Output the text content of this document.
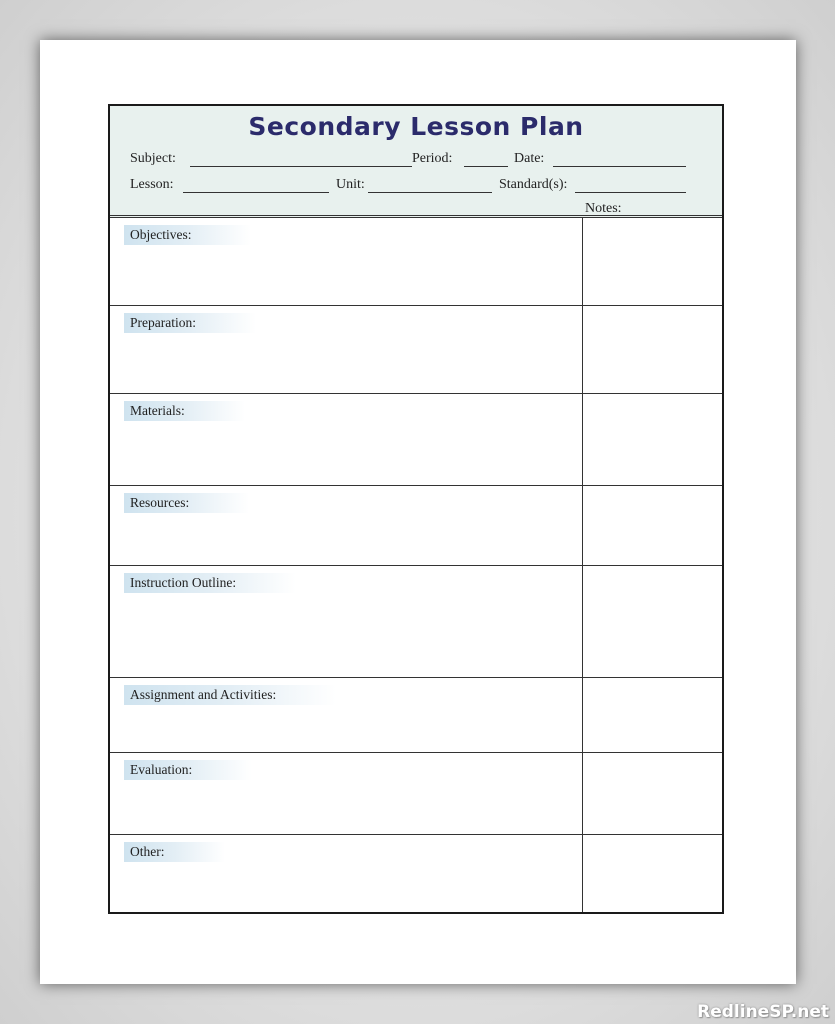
Secondary Lesson Plan
Subject:	Period:	Date:
Lesson:	Unit:	Standard(s):
Notes:
Objectives:
Preparation:
Materials:
Resources:
Instruction Outline:
Assignment and Activities:
Evaluation:
Other:
RedlineSP.net
